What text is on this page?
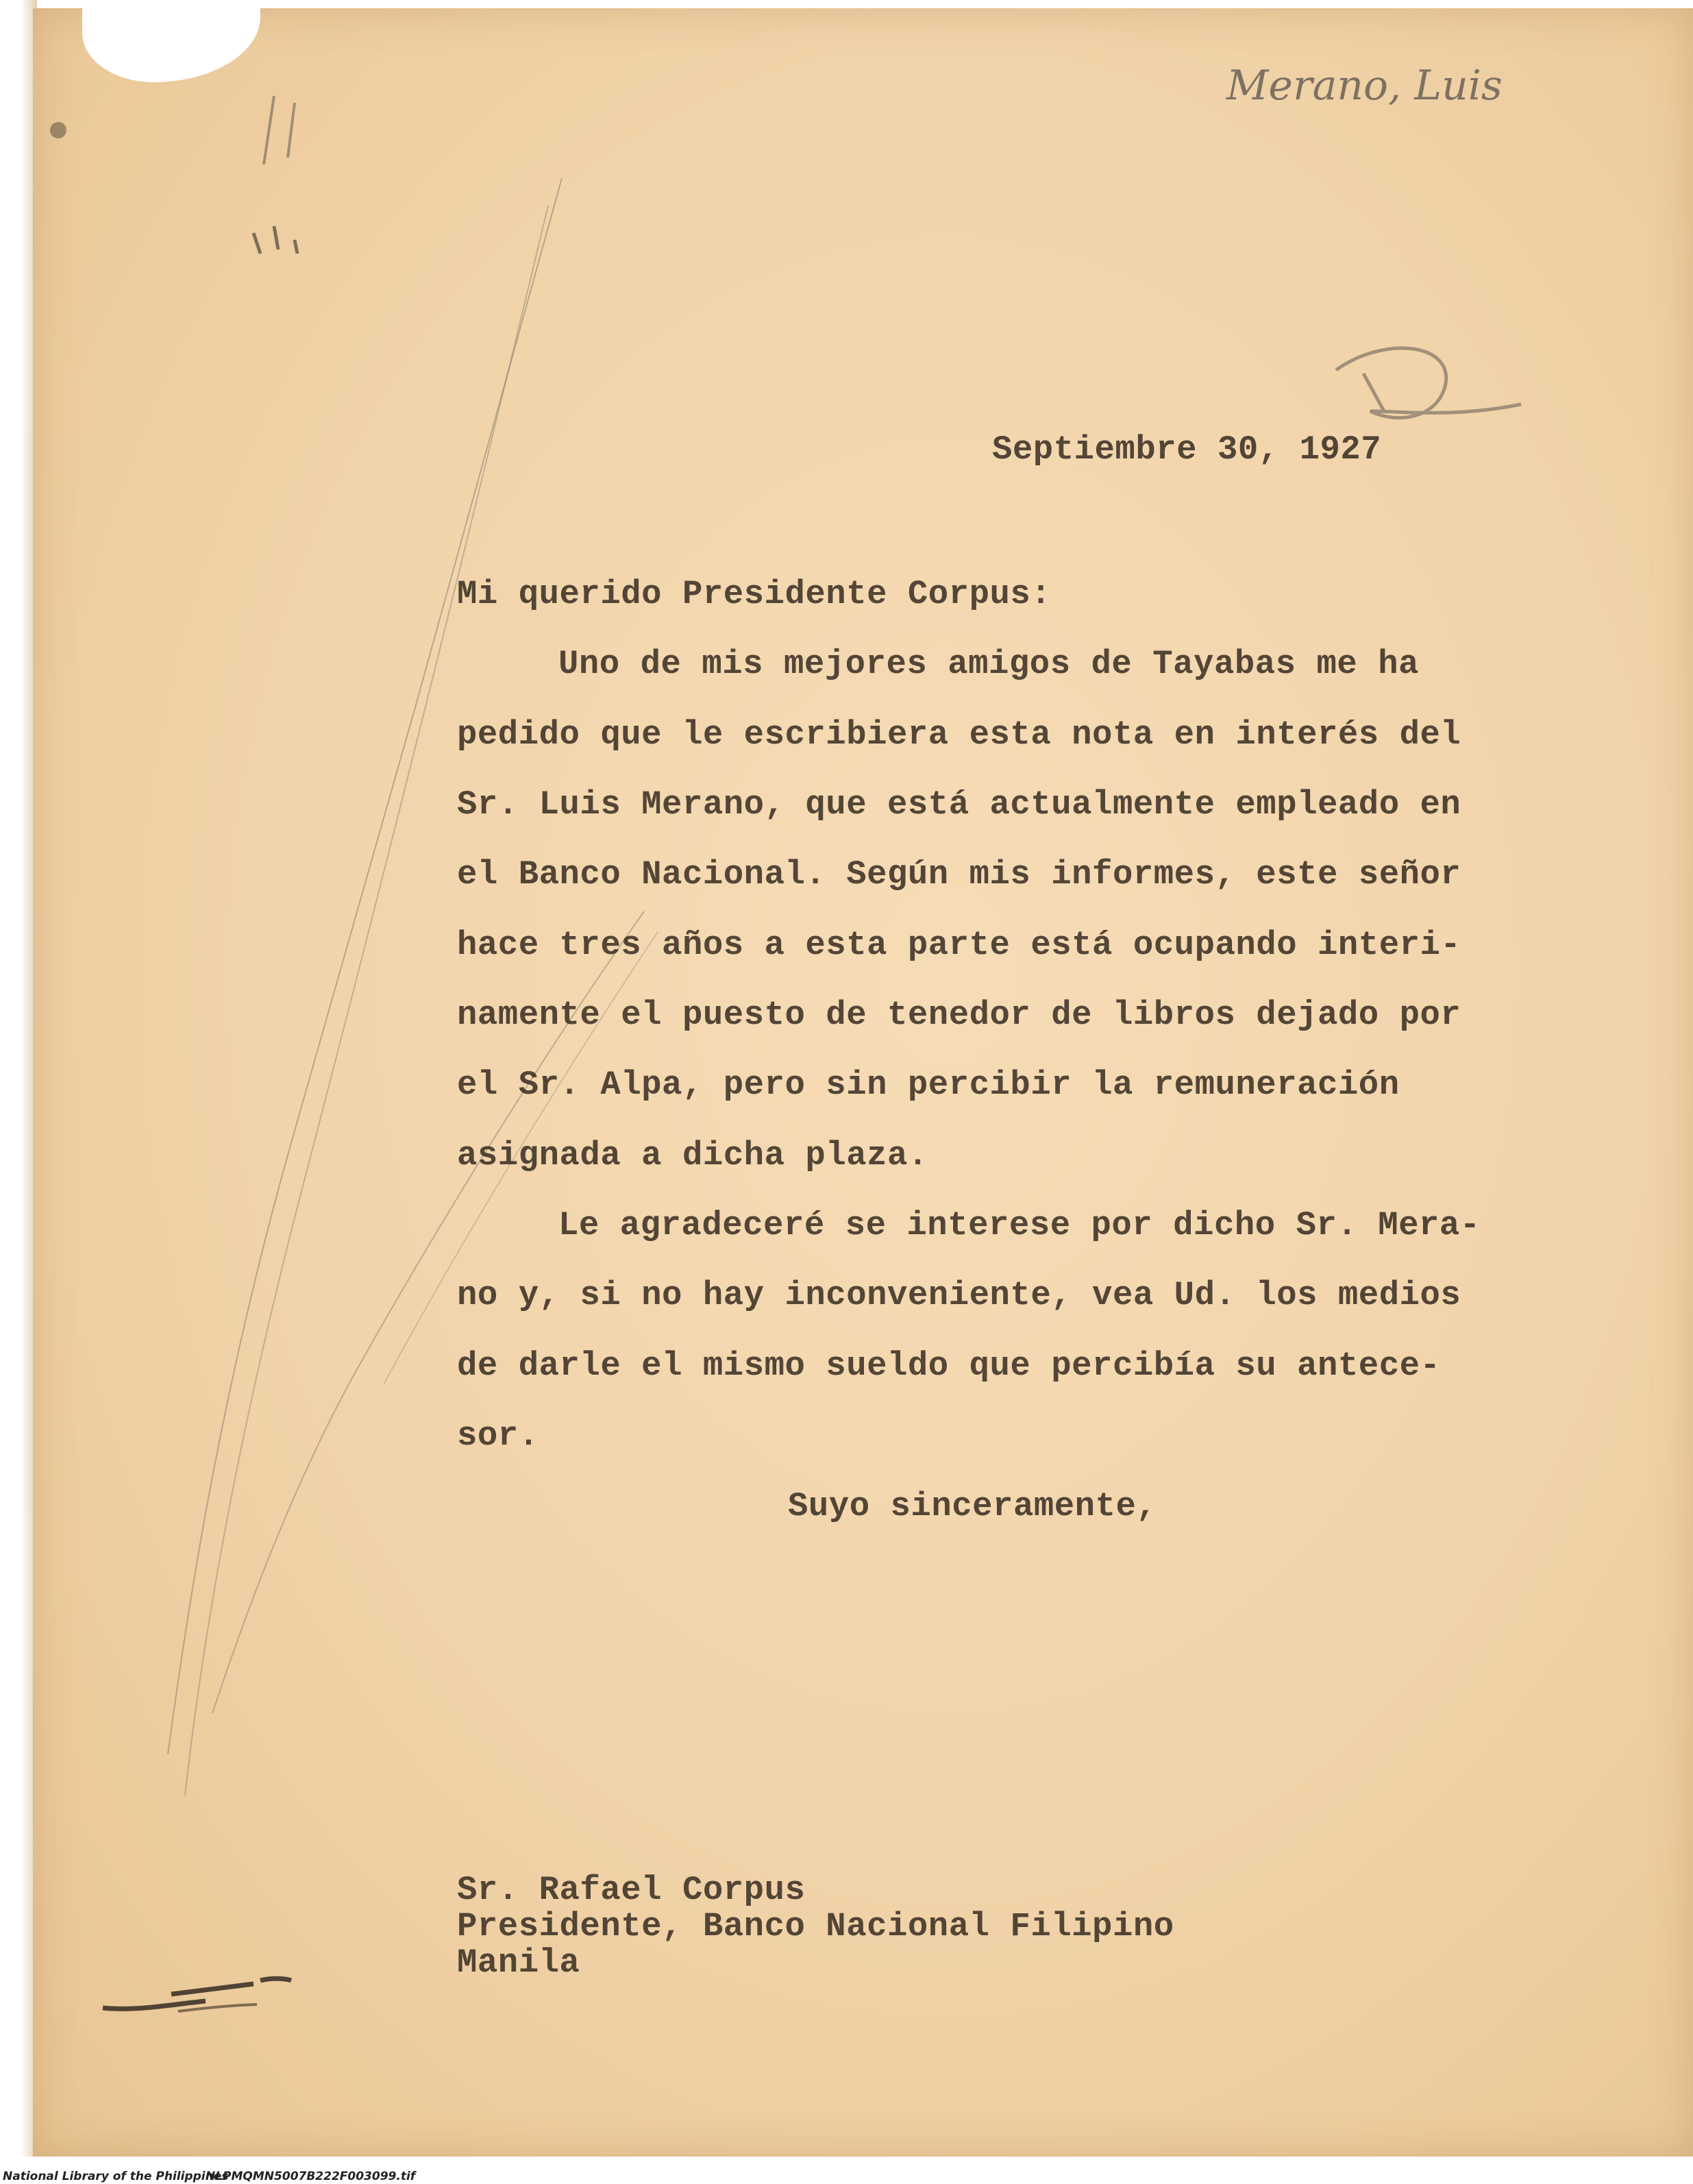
Merano, Luis
Septiembre 30, 1927
Mi querido Presidente Corpus:
Uno de mis mejores amigos de Tayabas me ha
pedido que le escribiera esta nota en interés del
Sr. Luis Merano, que está actualmente empleado en
el Banco Nacional. Según mis informes, este señor
hace tres años a esta parte está ocupando interi-
namente el puesto de tenedor de libros dejado por
el Sr. Alpa, pero sin percibir la remuneración
asignada a dicha plaza.
Le agradeceré se interese por dicho Sr. Mera-
no y, si no hay inconveniente, vea Ud. los medios
de darle el mismo sueldo que percibía su antece-
sor.
Suyo sinceramente,
Sr. Rafael Corpus
Presidente, Banco Nacional Filipino
Manila
National Library of the Philippines
NLPMQMN5007B222F003099.tif
